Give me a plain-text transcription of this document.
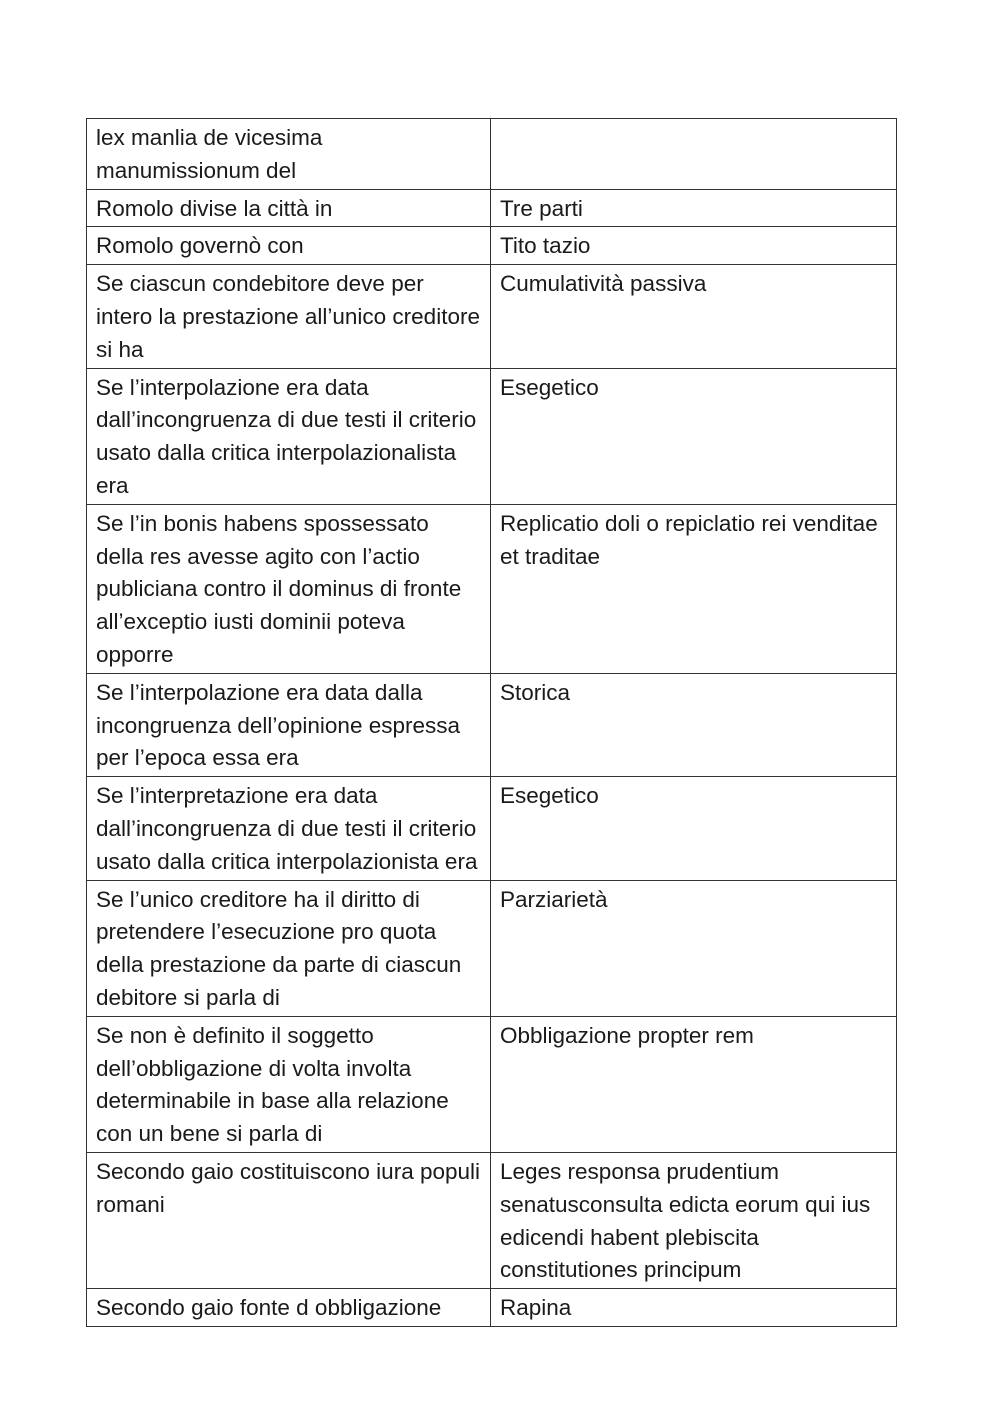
lex manlia de vicesima manumissionum del	
Romolo divise la città in	Tre parti
Romolo governò con	Tito tazio
Se ciascun condebitore deve per intero la prestazione all’unico creditore si ha	Cumulatività passiva
Se l’interpolazione era data dall’incongruenza di due testi il criterio usato dalla critica interpolazionalista era	Esegetico
Se l’in bonis habens spossessato della res avesse agito con l’actio publiciana contro il dominus di fronte all’exceptio iusti dominii poteva opporre	Replicatio doli o repiclatio rei venditae et traditae
Se l’interpolazione era data dalla incongruenza dell’opinione espressa per l’epoca essa era	Storica
Se l’interpretazione era data dall’incongruenza di due testi il criterio usato dalla critica interpolazionista era	Esegetico
Se l’unico creditore ha il diritto di pretendere l’esecuzione pro quota della prestazione da parte di ciascun debitore si parla di	Parziarietà
Se non è definito il soggetto dell’obbligazione di volta involta determinabile in base alla relazione con un bene si parla di	Obbligazione propter rem
Secondo gaio costituiscono iura populi romani	Leges responsa prudentium senatusconsulta edicta eorum qui ius edicendi habent plebiscita constitutiones principum
Secondo gaio fonte d obbligazione	Rapina
